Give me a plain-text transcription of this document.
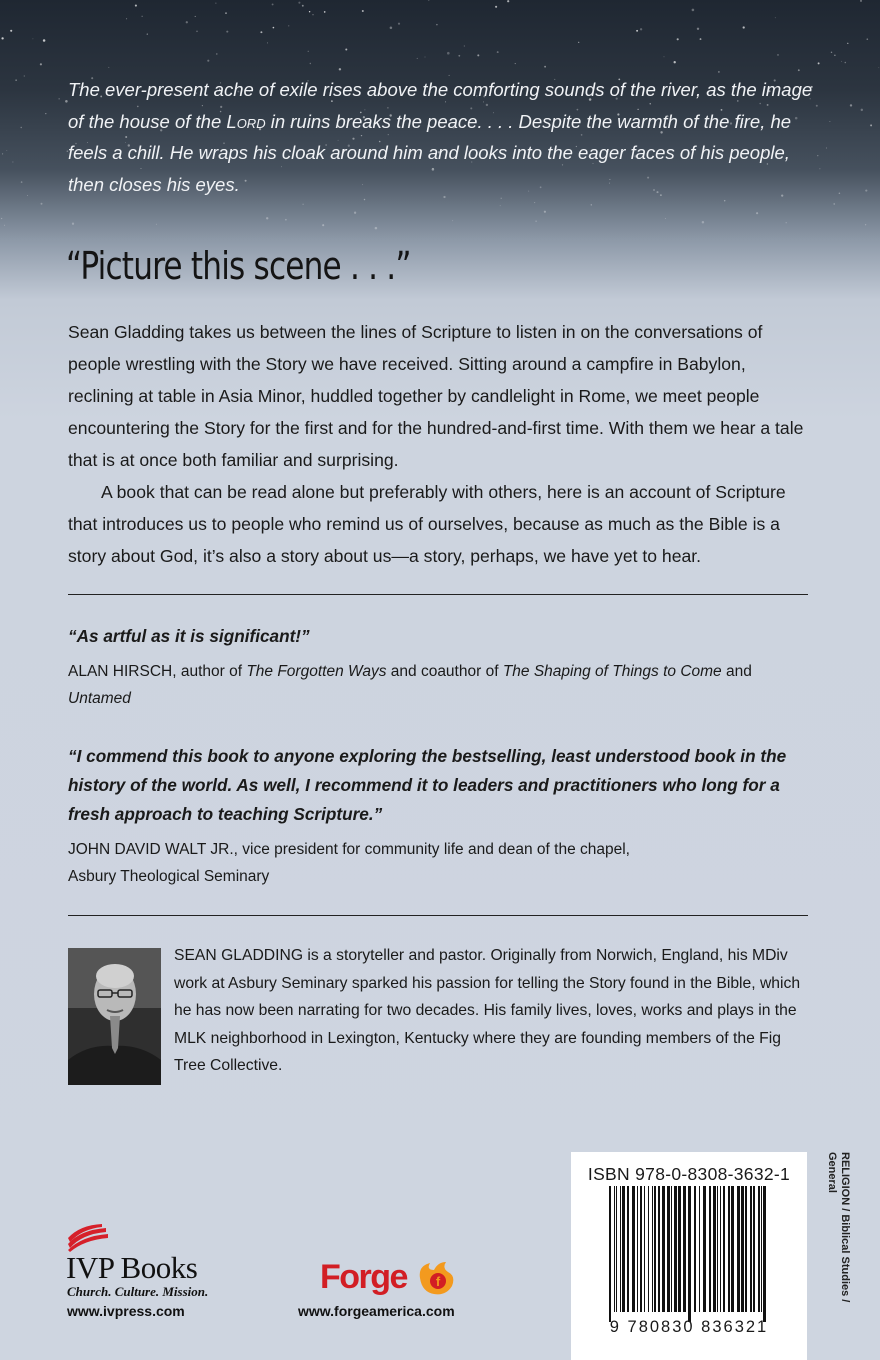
The ever-present ache of exile rises above the comforting sounds of the river, as the image of the house of the Lord in ruins breaks the peace. . . . Despite the warmth of the fire, he feels a chill. He wraps his cloak around him and looks into the eager faces of his people, then closes his eyes.

“Picture this scene . . .”

Sean Gladding takes us between the lines of Scripture to listen in on the conversations of people wrestling with the Story we have received. Sitting around a campfire in Babylon, reclining at table in Asia Minor, huddled together by candlelight in Rome, we meet people encountering the Story for the first and for the hundred-and-first time. With them we hear a tale that is at once both familiar and surprising.

A book that can be read alone but preferably with others, here is an account of Scripture that introduces us to people who remind us of ourselves, because as much as the Bible is a story about God, it’s also a story about us—a story, perhaps, we have yet to hear.

“As artful as it is significant!”
ALAN HIRSCH, author of The Forgotten Ways and coauthor of The Shaping of Things to Come and
Untamed
“I commend this book to anyone exploring the bestselling, least understood book in the history of the world. As well, I recommend it to leaders and practitioners who long for a fresh approach to teaching Scripture.”
JOHN DAVID WALT JR., vice president for community life and dean of the chapel,
Asbury Theological Seminary

SEAN GLADDING is a storyteller and pastor. Originally from Norwich, England, his MDiv work at Asbury Seminary sparked his passion for telling the Story found in the Bible, which he has now been narrating for two decades. His family lives, loves, works and plays in the MLK neighborhood in Lexington, Kentucky where they are founding members of the Fig Tree Collective.

ISBN 978-0-8308-3632-1
9 780830 836321
RELIGION / Biblical Studies /
General
IVP Books
Church. Culture. Mission.
www.ivpress.com
Forge f
www.forgeamerica.com
